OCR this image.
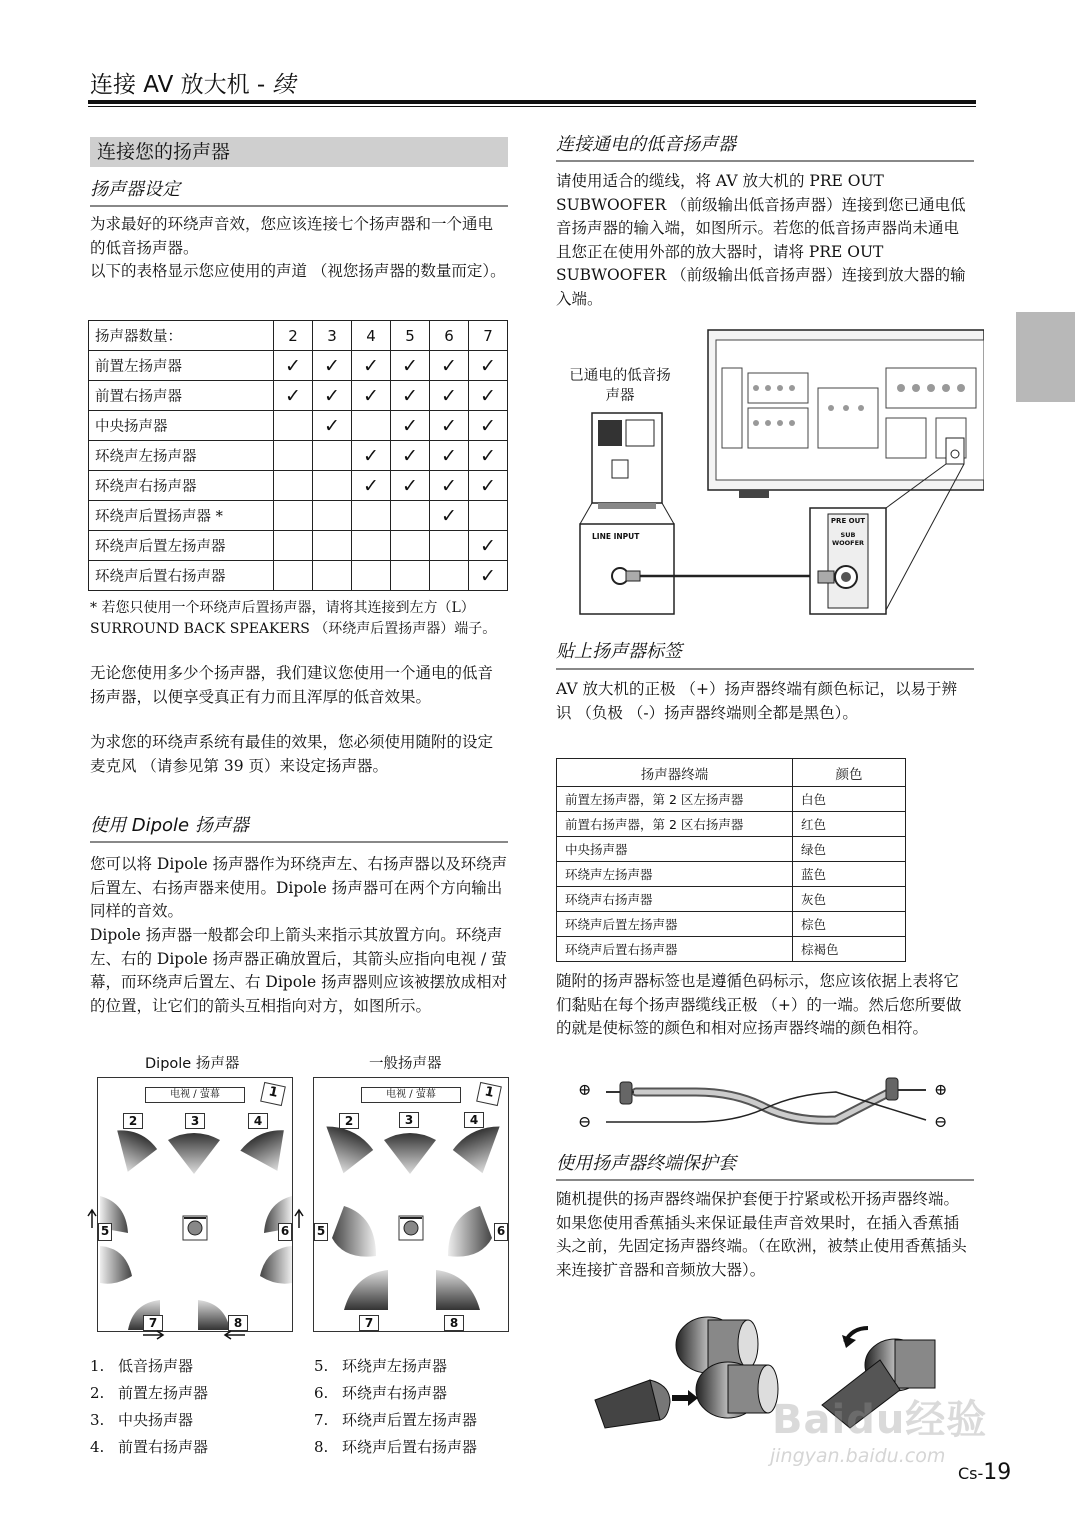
连接 AV 放大机 - 续
连接您的扬声器
扬声器设定
为求最好的环绕声音效，您应该连接七个扬声器和一个通电的低音扬声器。
以下的表格显示您应使用的声道 （视您扬声器的数量而定）。
扬声器数量：	2	3	4	5	6	7
前置左扬声器	✓	✓	✓	✓	✓	✓
前置右扬声器	✓	✓	✓	✓	✓	✓
中央扬声器		✓		✓	✓	✓
环绕声左扬声器			✓	✓	✓	✓
环绕声右扬声器			✓	✓	✓	✓
环绕声后置扬声器 *					✓	
环绕声后置左扬声器						✓
环绕声后置右扬声器						✓
* 若您只使用一个环绕声后置扬声器，请将其连接到左方（L） SURROUND BACK SPEAKERS （环绕声后置扬声器）端子。
无论您使用多少个扬声器，我们建议您使用一个通电的低音扬声器，以便享受真正有力而且浑厚的低音效果。
为求您的环绕声系统有最佳的效果，您必须使用随附的设定麦克风 （请参见第 39 页）来设定扬声器。
使用 Dipole 扬声器
您可以将 Dipole 扬声器作为环绕声左、右扬声器以及环绕声后置左、右扬声器来使用。Dipole 扬声器可在两个方向输出同样的音效。
Dipole 扬声器一般都会印上箭头来指示其放置方向。环绕声左、右的 Dipole 扬声器正确放置后，其箭头应指向电视 / 萤幕，而环绕声后置左、右 Dipole 扬声器则应该被摆放成相对的位置，让它们的箭头互相指向对方，如图所示。
Dipole 扬声器	一般扬声器
电视 / 萤幕	1
2	3	4
5	6
7	8
电视 / 萤幕	1
2	3	4
5	6
7	8
1. 低音扬声器
2. 前置左扬声器
3. 中央扬声器
4. 前置右扬声器
5. 环绕声左扬声器
6. 环绕声右扬声器
7. 环绕声后置左扬声器
8. 环绕声后置右扬声器
连接通电的低音扬声器
请使用适合的缆线，将 AV 放大机的 PRE OUT SUBWOOFER （前级输出低音扬声器）连接到您已通电低音扬声器的输入端，如图所示。若您的低音扬声器尚未通电且您正在使用外部的放大器时，请将 PRE OUT SUBWOOFER （前级输出低音扬声器）连接到放大器的输入端。
已通电的低音扬声器
LINE INPUT
PRE OUT
SUB WOOFER
贴上扬声器标签
AV 放大机的正极 （+）扬声器终端有颜色标记，以易于辨识 （负极 （-）扬声器终端则全都是黑色）。
扬声器终端	颜色
前置左扬声器，第 2 区左扬声器	白色
前置右扬声器，第 2 区右扬声器	红色
中央扬声器	绿色
环绕声左扬声器	蓝色
环绕声右扬声器	灰色
环绕声后置左扬声器	棕色
环绕声后置右扬声器	棕褐色
随附的扬声器标签也是遵循色码标示，您应该依据上表将它们黏贴在每个扬声器缆线正极 （+）的一端。然后您所要做的就是使标签的颜色和相对应扬声器终端的颜色相符。
⊕
⊖
⊕
⊖
使用扬声器终端保护套
随机提供的扬声器终端保护套便于拧紧或松开扬声器终端。如果您使用香蕉插头来保证最佳声音效果时，在插入香蕉插头之前，先固定扬声器终端。（在欧洲，被禁止使用香蕉插头来连接扩音器和音频放大器）。
Baidu经验
jingyan.baidu.com
Cs-19
